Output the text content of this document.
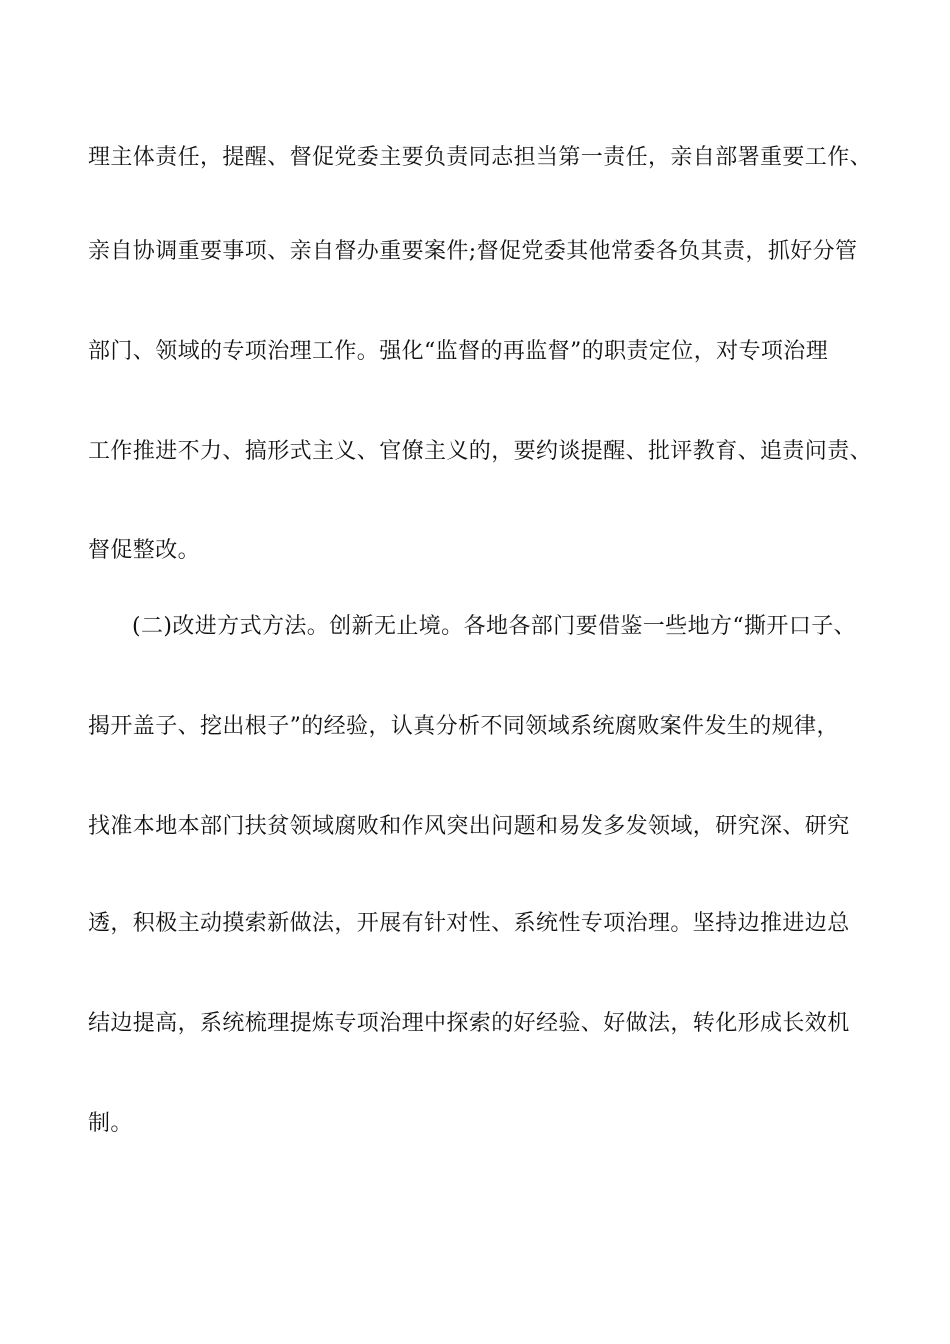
理主体责任，提醒、督促党委主要负责同志担当第一责任，亲自部署重要工作、
亲自协调重要事项、亲自督办重要案件;督促党委其他常委各负其责，抓好分管
部门、领域的专项治理工作。强化“监督的再监督”的职责定位，对专项治理
工作推进不力、搞形式主义、官僚主义的，要约谈提醒、批评教育、追责问责、
督促整改。
(二)改进方式方法。创新无止境。各地各部门要借鉴一些地方“撕开口子、
揭开盖子、挖出根子”的经验，认真分析不同领域系统腐败案件发生的规律，
找准本地本部门扶贫领域腐败和作风突出问题和易发多发领域，研究深、研究
透，积极主动摸索新做法，开展有针对性、系统性专项治理。坚持边推进边总
结边提高，系统梳理提炼专项治理中探索的好经验、好做法，转化形成长效机
制。
